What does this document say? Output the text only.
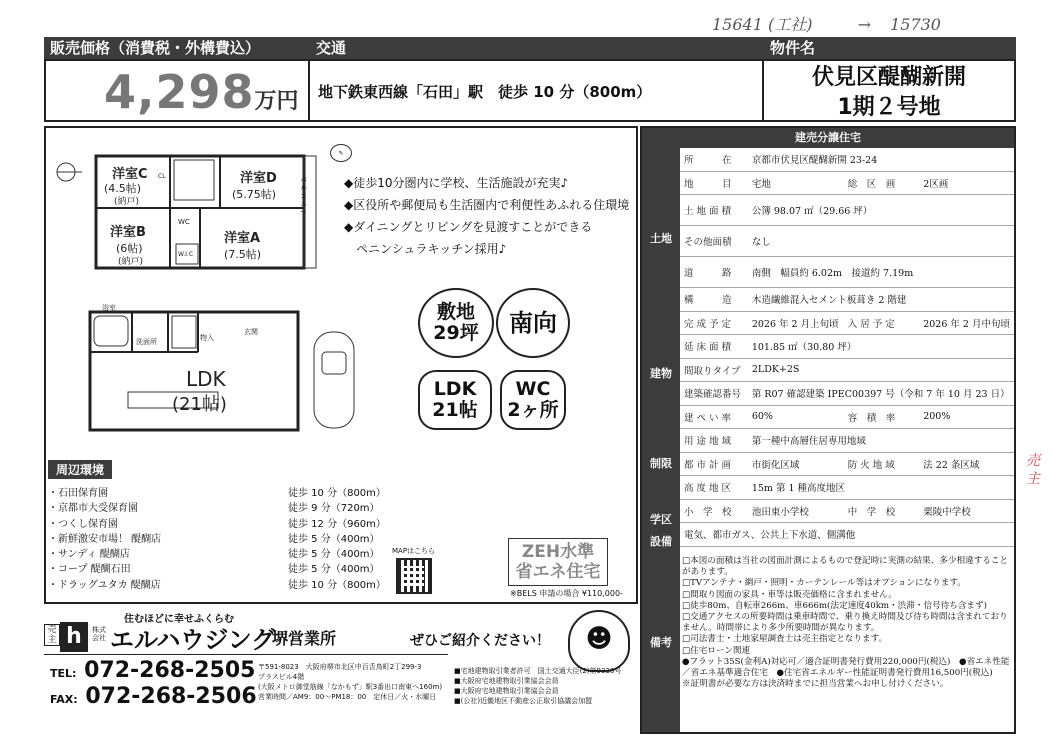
15641 (工社)	→ 15730
売主
販売価格（消費税・外構費込）	交通	物件名
4,298万円 地下鉄東西線「石田」駅　徒歩 10 分（800m）
伏見区醍醐新開
1期２号地
洋室C
(4.5帖)
(納戸)
洋室D
(5.75帖)
洋室B
(6帖)
(納戸)
洋室A
(7.5帖)
W.I.C
WC
CL	バルコニー
洗面所
浴室
玄関
物入
LDK
(21帖)
✎
◆徒歩10分圏内に学校、生活施設が充実♪
◆区役所や郵便局も生活圏内で利便性あふれる住環境
◆ダイニングとリビングを見渡すことができる
　ペニンシュラキッチン採用♪
敷地
29坪	南向
LDK
21帖
WC
2ヶ所
周辺環境
・石田保育園	徒歩 10 分（800m）
・京都市大受保育園	徒歩 9 分（720m）
・つくし保育園	徒歩 12 分（960m）
・新鮮激安市場！ 醍醐店	徒歩 5 分（400m）
・サンディ 醍醐店	徒歩 5 分（400m）
・コープ 醍醐石田	徒歩 5 分（400m）
・ドラッグユタカ 醍醐店	徒歩 10 分（800m）
MAPはこちら	ZEH水準
省エネ住宅
※BELS 申請の場合 ¥110,000-
住むほどに幸せふくらむ
売主 h	株式会社 エルハウジング
堺営業所	ぜひご紹介ください！	☻
TEL: 072-268-2505
FAX: 072-268-2506
〒591-8023　大阪府堺市北区中百舌鳥町2丁299-3
プラスビル4階
(大阪メトロ御堂筋線「なかもず」駅3番出口南東へ160m)
営業時間／AM9：00～PM18：00　定休日／火・水曜日
■宅地建物取引業者許可　国土交通大臣(2)第9338号
■大阪府宅地建物取引業協会会員
■大阪府宅地建物取引業協会会員
■(公社)近畿地区不動産公正取引協議会加盟
建売分譲住宅
土地
建物
制限
学区
設備
備考
所　　　在	京都市伏見区醍醐新開 23-24		
地　　　目	宅地	総　区　画	2区画
土 地 面 積	公簿 98.07 ㎡（29.66 坪）		
その他面積	なし		
道　　　路	南側　幅員約 6.02m　接道約 7.19m		
構　　　造	木造繊維混入セメント板葺き 2 階建		
完 成 予 定	2026 年 2 月上旬頃	入 居 予 定	2026 年 2 月中旬頃
延 床 面 積	101.85 ㎡（30.80 坪）		
間取りタイプ	2LDK+2S		
建築確認番号	第 R07 確認建築 IPEC00397 号（令和 7 年 10 月 23 日）		
建 ぺ い 率	60%	容　積　率	200%
用 途 地 域	第一種中高層住居専用地域		
都 市 計 画	市街化区域	防 火 地 域	法 22 条区域
高 度 地 区	15m 第 1 種高度地区		
小　学　校	池田東小学校	中　学　校	栗陵中学校
電気、都市ガス、公共上下水道、側溝他			
□本図の面積は当社の図面計測によるもので登記時に実測の結果、多少相違することがあります。
□TVアンテナ・網戸・照明・カーテンレール等はオプションになります。
□間取り図面の家具・車等は販売価格に含まれません。
□徒歩80m、自転車266m、車666m(法定速度40km・渋滞・信号待ち含まず)
□交通アクセスの所要時間は乗車時間で、乗り換え時間及び待ち時間は含まれておりません。時間帯により多少所要時間が異なります。
□司法書士・土地家屋調査士は売主指定となります。
□住宅ローン関連
●フラット35S(金利A)対応可／適合証明書発行費用220,000円(税込)　●省エネ性能／省エネ基準適合住宅　●住宅省エネルギー性能証明書発行費用16,500円(税込)
※証明書が必要な方は決済時までに担当営業へお申し付けください。
